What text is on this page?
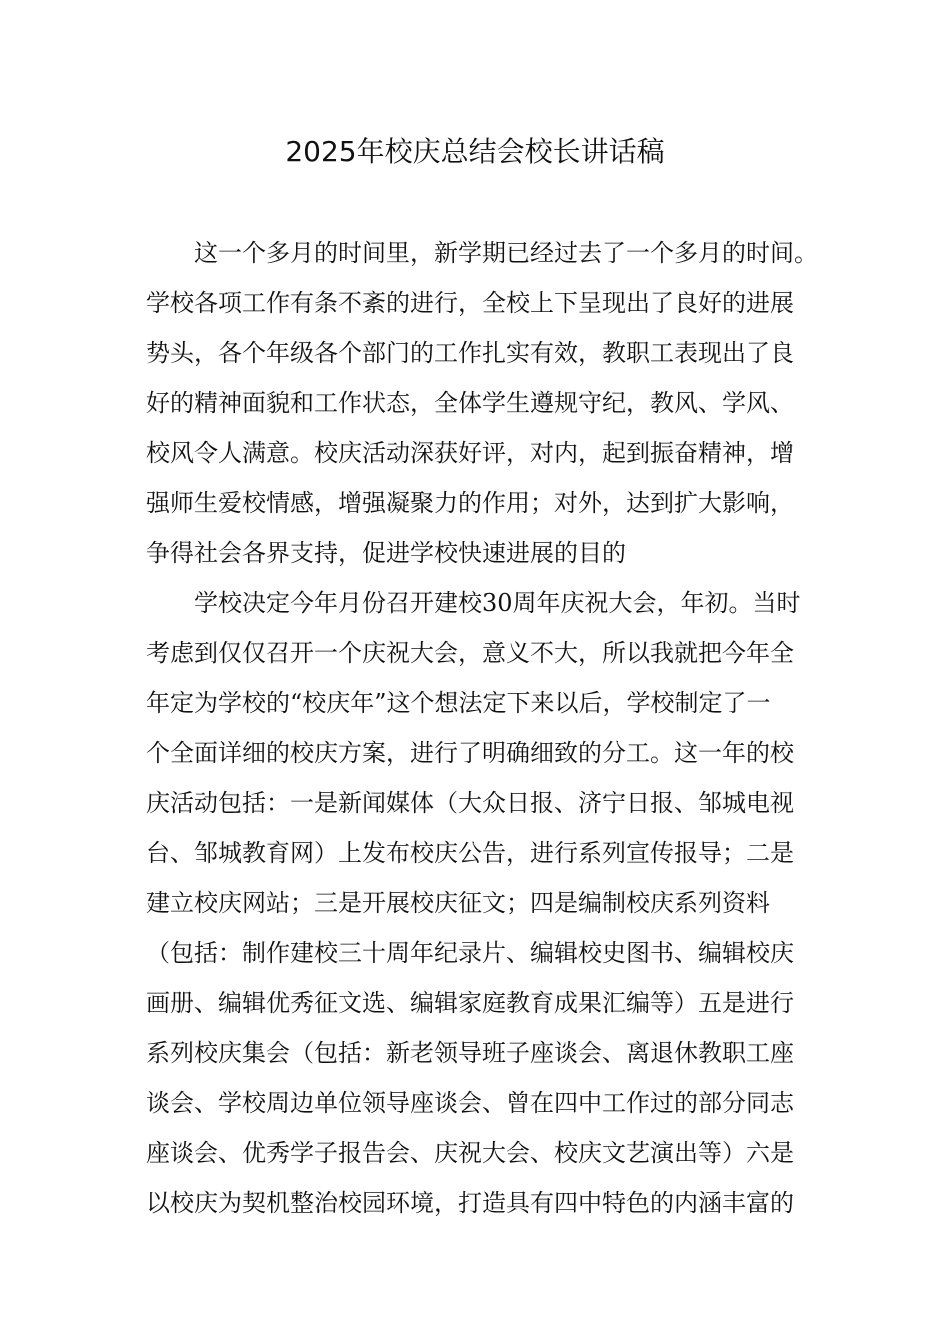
2025年校庆总结会校长讲话稿
这一个多月的时间里，新学期已经过去了一个多月的时间。
学校各项工作有条不紊的进行，全校上下呈现出了良好的进展
势头，各个年级各个部门的工作扎实有效，教职工表现出了良
好的精神面貌和工作状态，全体学生遵规守纪，教风、学风、
校风令人满意。校庆活动深获好评，对内，起到振奋精神，增
强师生爱校情感，增强凝聚力的作用；对外，达到扩大影响，
争得社会各界支持，促进学校快速进展的目的
学校决定今年月份召开建校30周年庆祝大会，年初。当时
考虑到仅仅召开一个庆祝大会，意义不大，所以我就把今年全
年定为学校的“校庆年”这个想法定下来以后，学校制定了一
个全面详细的校庆方案，进行了明确细致的分工。这一年的校
庆活动包括：一是新闻媒体（大众日报、济宁日报、邹城电视
台、邹城教育网）上发布校庆公告，进行系列宣传报导；二是
建立校庆网站；三是开展校庆征文；四是编制校庆系列资料
（包括：制作建校三十周年纪录片、编辑校史图书、编辑校庆
画册、编辑优秀征文选、编辑家庭教育成果汇编等）五是进行
系列校庆集会（包括：新老领导班子座谈会、离退休教职工座
谈会、学校周边单位领导座谈会、曾在四中工作过的部分同志
座谈会、优秀学子报告会、庆祝大会、校庆文艺演出等）六是
以校庆为契机整治校园环境，打造具有四中特色的内涵丰富的
